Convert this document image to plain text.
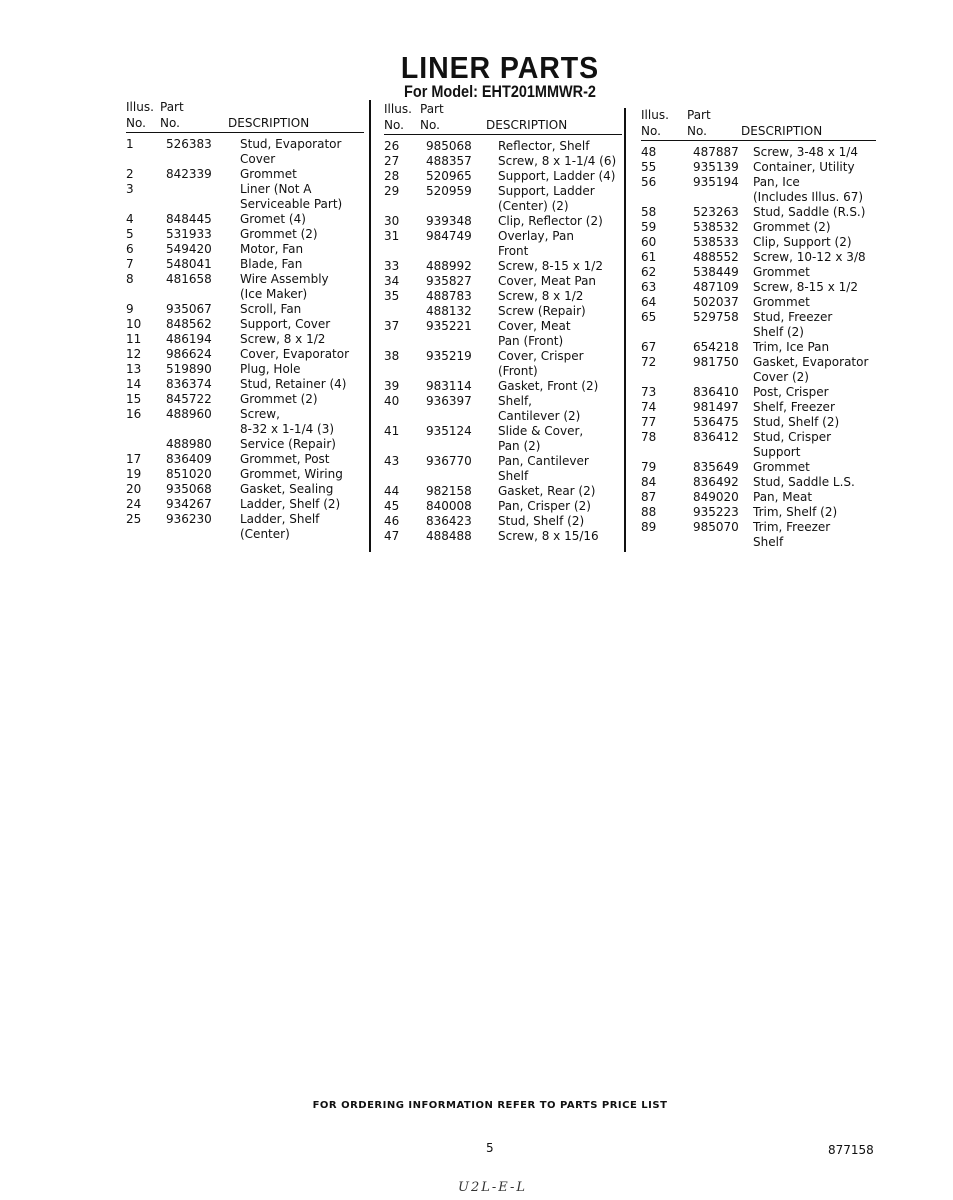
LINER PARTS
For Model: EHT201MMWR-2
Illus. Part
No. No.	DESCRIPTION
1	526383 Stud, Evaporator
Cover
2	842339 Grommet
3	Liner (Not A
Serviceable Part)
4	848445 Gromet (4)
5	531933 Grommet (2)
6	549420 Motor, Fan
7	548041 Blade, Fan
8	481658 Wire Assembly
(Ice Maker)
9	935067 Scroll, Fan
10 848562 Support, Cover
11 486194 Screw, 8 x 1/2
12 986624 Cover, Evaporator
13 519890 Plug, Hole
14 836374 Stud, Retainer (4)
15 845722 Grommet (2)
16 488960 Screw,
8-32 x 1-1/4 (3)
488980 Service (Repair)
17 836409 Grommet, Post
19 851020 Grommet, Wiring
20 935068 Gasket, Sealing
24 934267 Ladder, Shelf (2)
25 936230 Ladder, Shelf
(Center)
Illus. Part
No. No.	DESCRIPTION
26 985068 Reflector, Shelf
27 488357 Screw, 8 x 1-1/4 (6)
28 520965 Support, Ladder (4)
29 520959 Support, Ladder
(Center) (2)
30 939348 Clip, Reflector (2)
31 984749 Overlay, Pan
Front
33 488992 Screw, 8-15 x 1/2
34 935827 Cover, Meat Pan
35 488783 Screw, 8 x 1/2
488132 Screw (Repair)
37 935221 Cover, Meat
Pan (Front)
38 935219 Cover, Crisper
(Front)
39 983114 Gasket, Front (2)
40 936397 Shelf,
Cantilever (2)
41 935124 Slide & Cover,
Pan (2)
43 936770 Pan, Cantilever
Shelf
44 982158 Gasket, Rear (2)
45 840008 Pan, Crisper (2)
46 836423 Stud, Shelf (2)
47 488488 Screw, 8 x 15/16
Illus. Part
No. No.	DESCRIPTION
48	487887 Screw, 3-48 x 1/4
55	935139 Container, Utility
56	935194 Pan, Ice
(Includes Illus. 67)
58	523263 Stud, Saddle (R.S.)
59	538532 Grommet (2)
60	538533 Clip, Support (2)
61	488552 Screw, 10-12 x 3/8
62	538449 Grommet
63	487109 Screw, 8-15 x 1/2
64	502037 Grommet
65	529758 Stud, Freezer
Shelf (2)
67	654218 Trim, Ice Pan
72	981750 Gasket, Evaporator
Cover (2)
73	836410 Post, Crisper
74	981497 Shelf, Freezer
77	536475 Stud, Shelf (2)
78	836412 Stud, Crisper
Support
79	835649 Grommet
84	836492 Stud, Saddle L.S.
87	849020 Pan, Meat
88	935223 Trim, Shelf (2)
89	985070 Trim, Freezer
Shelf
FOR ORDERING INFORMATION REFER TO PARTS PRICE LIST
5	877158
U2L-E-L
